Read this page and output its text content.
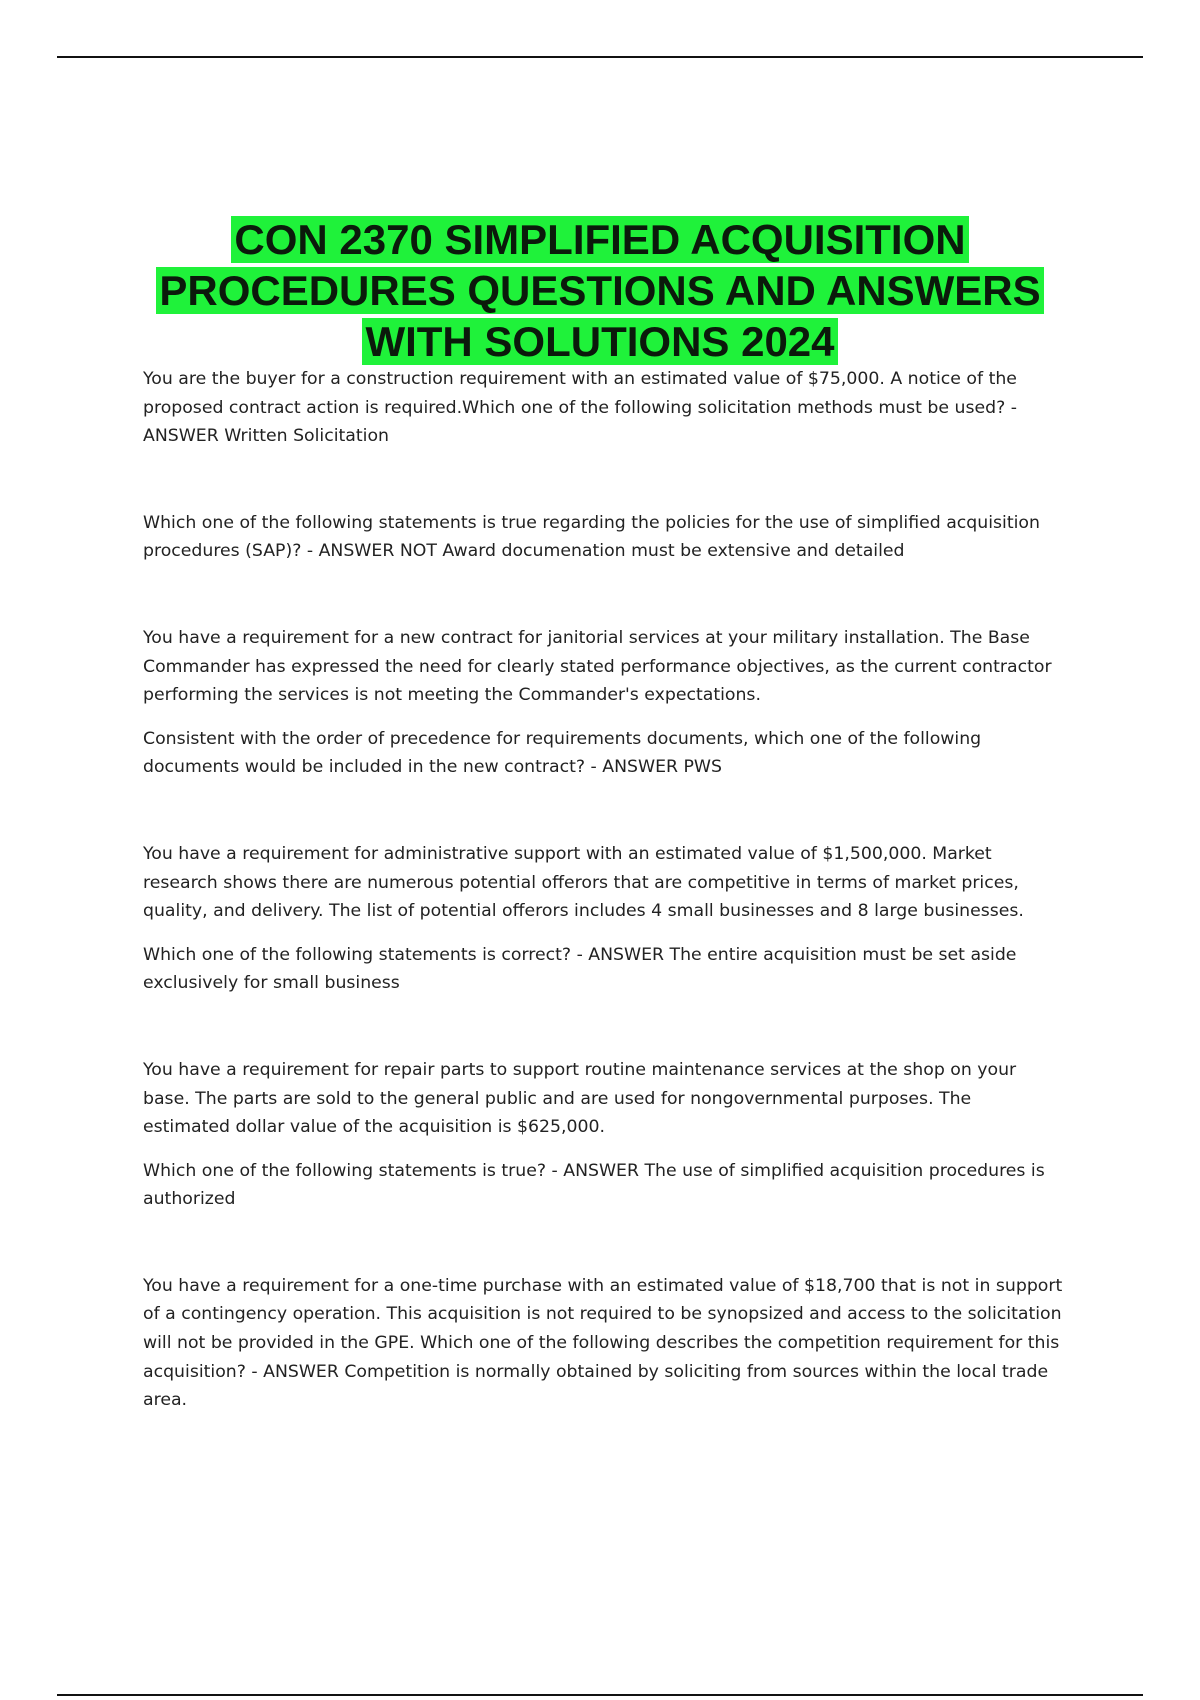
CON 2370 SIMPLIFIED ACQUISITION
PROCEDURES QUESTIONS AND ANSWERS
WITH SOLUTIONS 2024

You are the buyer for a construction requirement with an estimated value of $75,000. A notice of the proposed contract action is required.Which one of the following solicitation methods must be used? - ANSWER Written Solicitation

Which one of the following statements is true regarding the policies for the use of simplified acquisition procedures (SAP)? - ANSWER NOT Award documenation must be extensive and detailed

You have a requirement for a new contract for janitorial services at your military installation. The Base Commander has expressed the need for clearly stated performance objectives, as the current contractor performing the services is not meeting the Commander's expectations.

Consistent with the order of precedence for requirements documents, which one of the following documents would be included in the new contract? - ANSWER PWS

You have a requirement for administrative support with an estimated value of $1,500,000. Market research shows there are numerous potential offerors that are competitive in terms of market prices, quality, and delivery. The list of potential offerors includes 4 small businesses and 8 large businesses.

Which one of the following statements is correct? - ANSWER The entire acquisition must be set aside exclusively for small business

You have a requirement for repair parts to support routine maintenance services at the shop on your base. The parts are sold to the general public and are used for nongovernmental purposes. The estimated dollar value of the acquisition is $625,000.

Which one of the following statements is true? - ANSWER The use of simplified acquisition procedures is authorized

You have a requirement for a one-time purchase with an estimated value of $18,700 that is not in support of a contingency operation. This acquisition is not required to be synopsized and access to the solicitation will not be provided in the GPE. Which one of the following describes the competition requirement for this acquisition? - ANSWER Competition is normally obtained by soliciting from sources within the local trade area.
